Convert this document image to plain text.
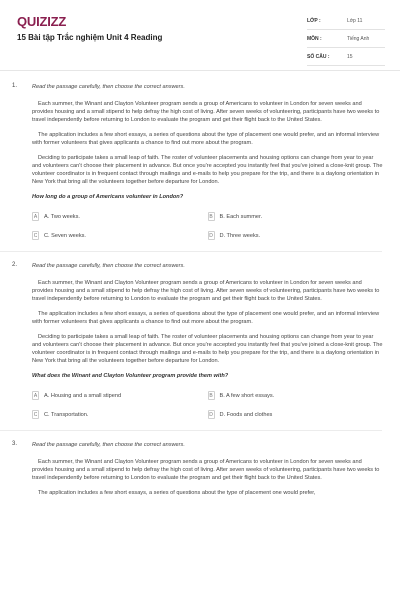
QUIZIZZ
15 Bài tập Trắc nghiệm Unit 4 Reading
LỚP :	Lớp 11
MÔN :	Tiếng Anh
SỐ CÂU :	15
1.	Read the passage carefully, then choose the correct answers.

Each summer, the Winant and Clayton Volunteer program sends a group of Americans to volunteer in London for seven weeks and provides housing and a small stipend to help defray the high cost of living. After seven weeks of volunteering, participants have two weeks to travel independently before returning to London to evaluate the program and get their flight back to the United States.

The application includes a few short essays, a series of questions about the type of placement one would prefer, and an informal interview with former volunteers that gives applicants a chance to find out more about the program.

Deciding to participate takes a small leap of faith. The roster of volunteer placements and housing options can change from year to year and volunteers can't choose their placement in advance. But once you're accepted you instantly feel that you've joined a close-knit group. The volunteer coordinator is in frequent contact through mailings and e-mails to help you prepare for the trip, and there is a daylong orientation in New York that bring all the volunteers together before departure for London.

How long do a group of Americans volunteer in London?

A	A. Two weeks.	B	B. Each summer.
C	C. Seven weeks.	D	D. Three weeks.
2.	Read the passage carefully, then choose the correct answers.

Each summer, the Winant and Clayton Volunteer program sends a group of Americans to volunteer in London for seven weeks and provides housing and a small stipend to help defray the high cost of living. After seven weeks of volunteering, participants have two weeks to travel independently before returning to London to evaluate the program and get their flight back to the United States.

The application includes a few short essays, a series of questions about the type of placement one would prefer, and an informal interview with former volunteers that gives applicants a chance to find out more about the program.

Deciding to participate takes a small leap of faith. The roster of volunteer placements and housing options can change from year to year and volunteers can't choose their placement in advance. But once you're accepted you instantly feel that you've joined a close-knit group. The volunteer coordinator is in frequent contact through mailings and e-mails to help you prepare for the trip, and there is a daylong orientation in New York that bring all the volunteers together before departure for London.

What does the Winant and Clayton Volunteer program provide them with?

A	A. Housing and a small stipend	B	B. A few short essays.
C	C. Transportation.	D	D. Foods and clothes
3.	Read the passage carefully, then choose the correct answers.

Each summer, the Winant and Clayton Volunteer program sends a group of Americans to volunteer in London for seven weeks and provides housing and a small stipend to help defray the high cost of living. After seven weeks of volunteering, participants have two weeks to travel independently before returning to London to evaluate the program and get their flight back to the United States.

The application includes a few short essays, a series of questions about the type of placement one would prefer,
